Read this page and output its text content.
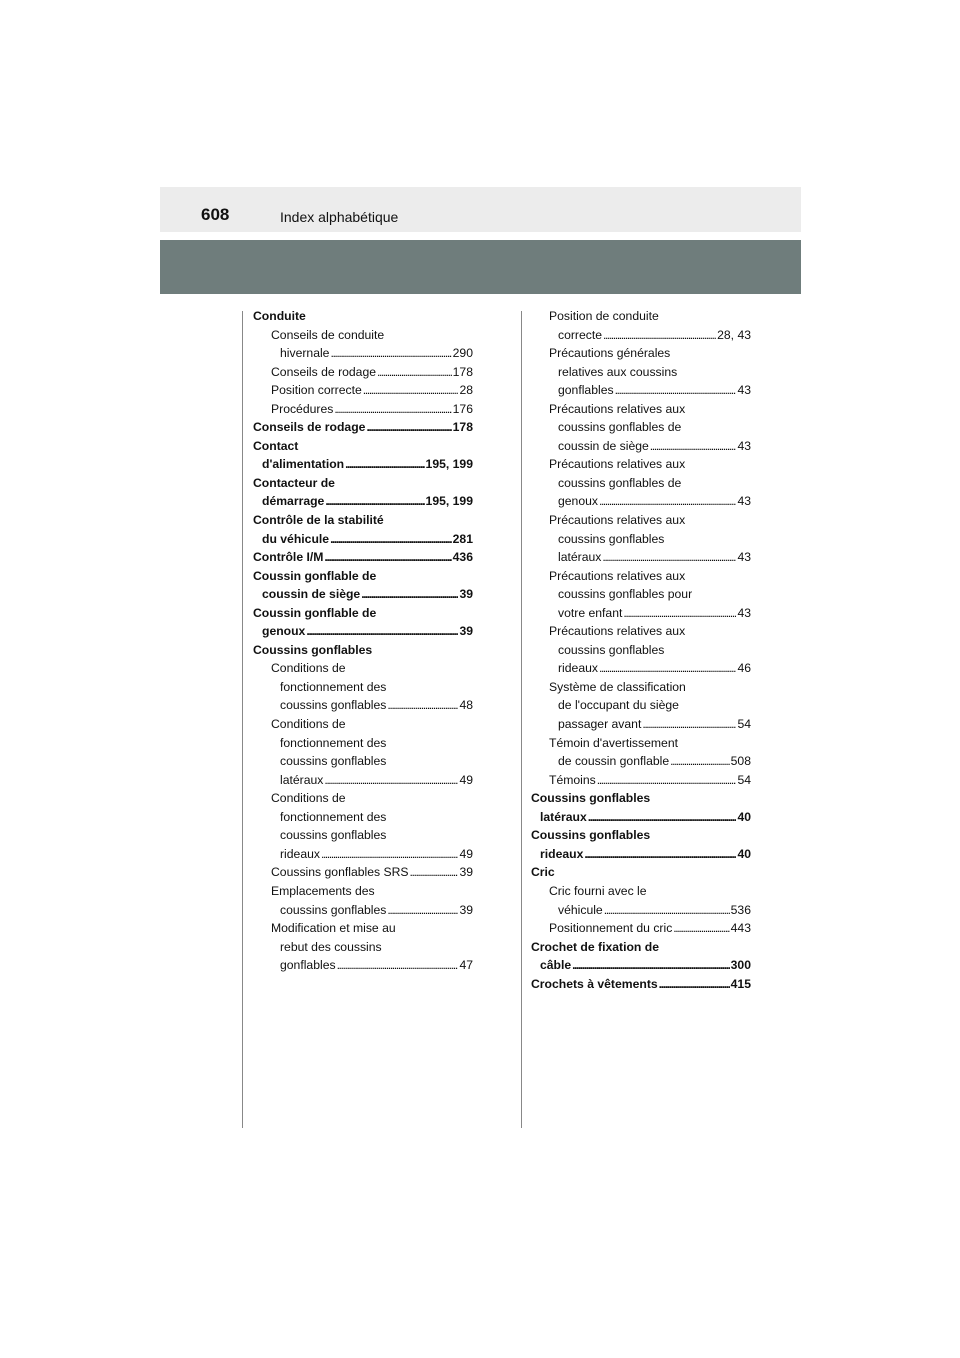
608	Index alphabétique
Conduite
Conseils de conduite
hivernale . . .	290
Conseils de rodage . . .	178
Position correcte . . .	28
Procédures . . .	176
Conseils de rodage . . .	178
Contact
d'alimentation . . .	195, 199
Contacteur de
démarrage . . .	195, 199
Contrôle de la stabilité
du véhicule . . .	281
Contrôle I/M . . .	436
Coussin gonflable de
coussin de siège . . .	39
Coussin gonflable de
genoux . . .	39
Coussins gonflables
Conditions de
fonctionnement des
coussins gonflables . . .	48
Conditions de
fonctionnement des
coussins gonflables
latéraux . . .	49
Conditions de
fonctionnement des
coussins gonflables
rideaux . . .	49
Coussins gonflables SRS . . .	39
Emplacements des
coussins gonflables . . .	39
Modification et mise au
rebut des coussins
gonflables . . .	47
Position de conduite
correcte . . .	28, 43
Précautions générales
relatives aux coussins
gonflables . . .	43
Précautions relatives aux
coussins gonflables de
coussin de siège . . .	43
Précautions relatives aux
coussins gonflables de
genoux . . .	43
Précautions relatives aux
coussins gonflables
latéraux . . .	43
Précautions relatives aux
coussins gonflables pour
votre enfant . . .	43
Précautions relatives aux
coussins gonflables
rideaux . . .	46
Système de classification
de l'occupant du siège
passager avant . . .	54
Témoin d'avertissement
de coussin gonflable . . .	508
Témoins . . .	54
Coussins gonflables
latéraux . . .	40
Coussins gonflables
rideaux . . .	40
Cric
Cric fourni avec le
véhicule . . .	536
Positionnement du cric . . .	443
Crochet de fixation de
câble . . .	300
Crochets à vêtements . . .	415
